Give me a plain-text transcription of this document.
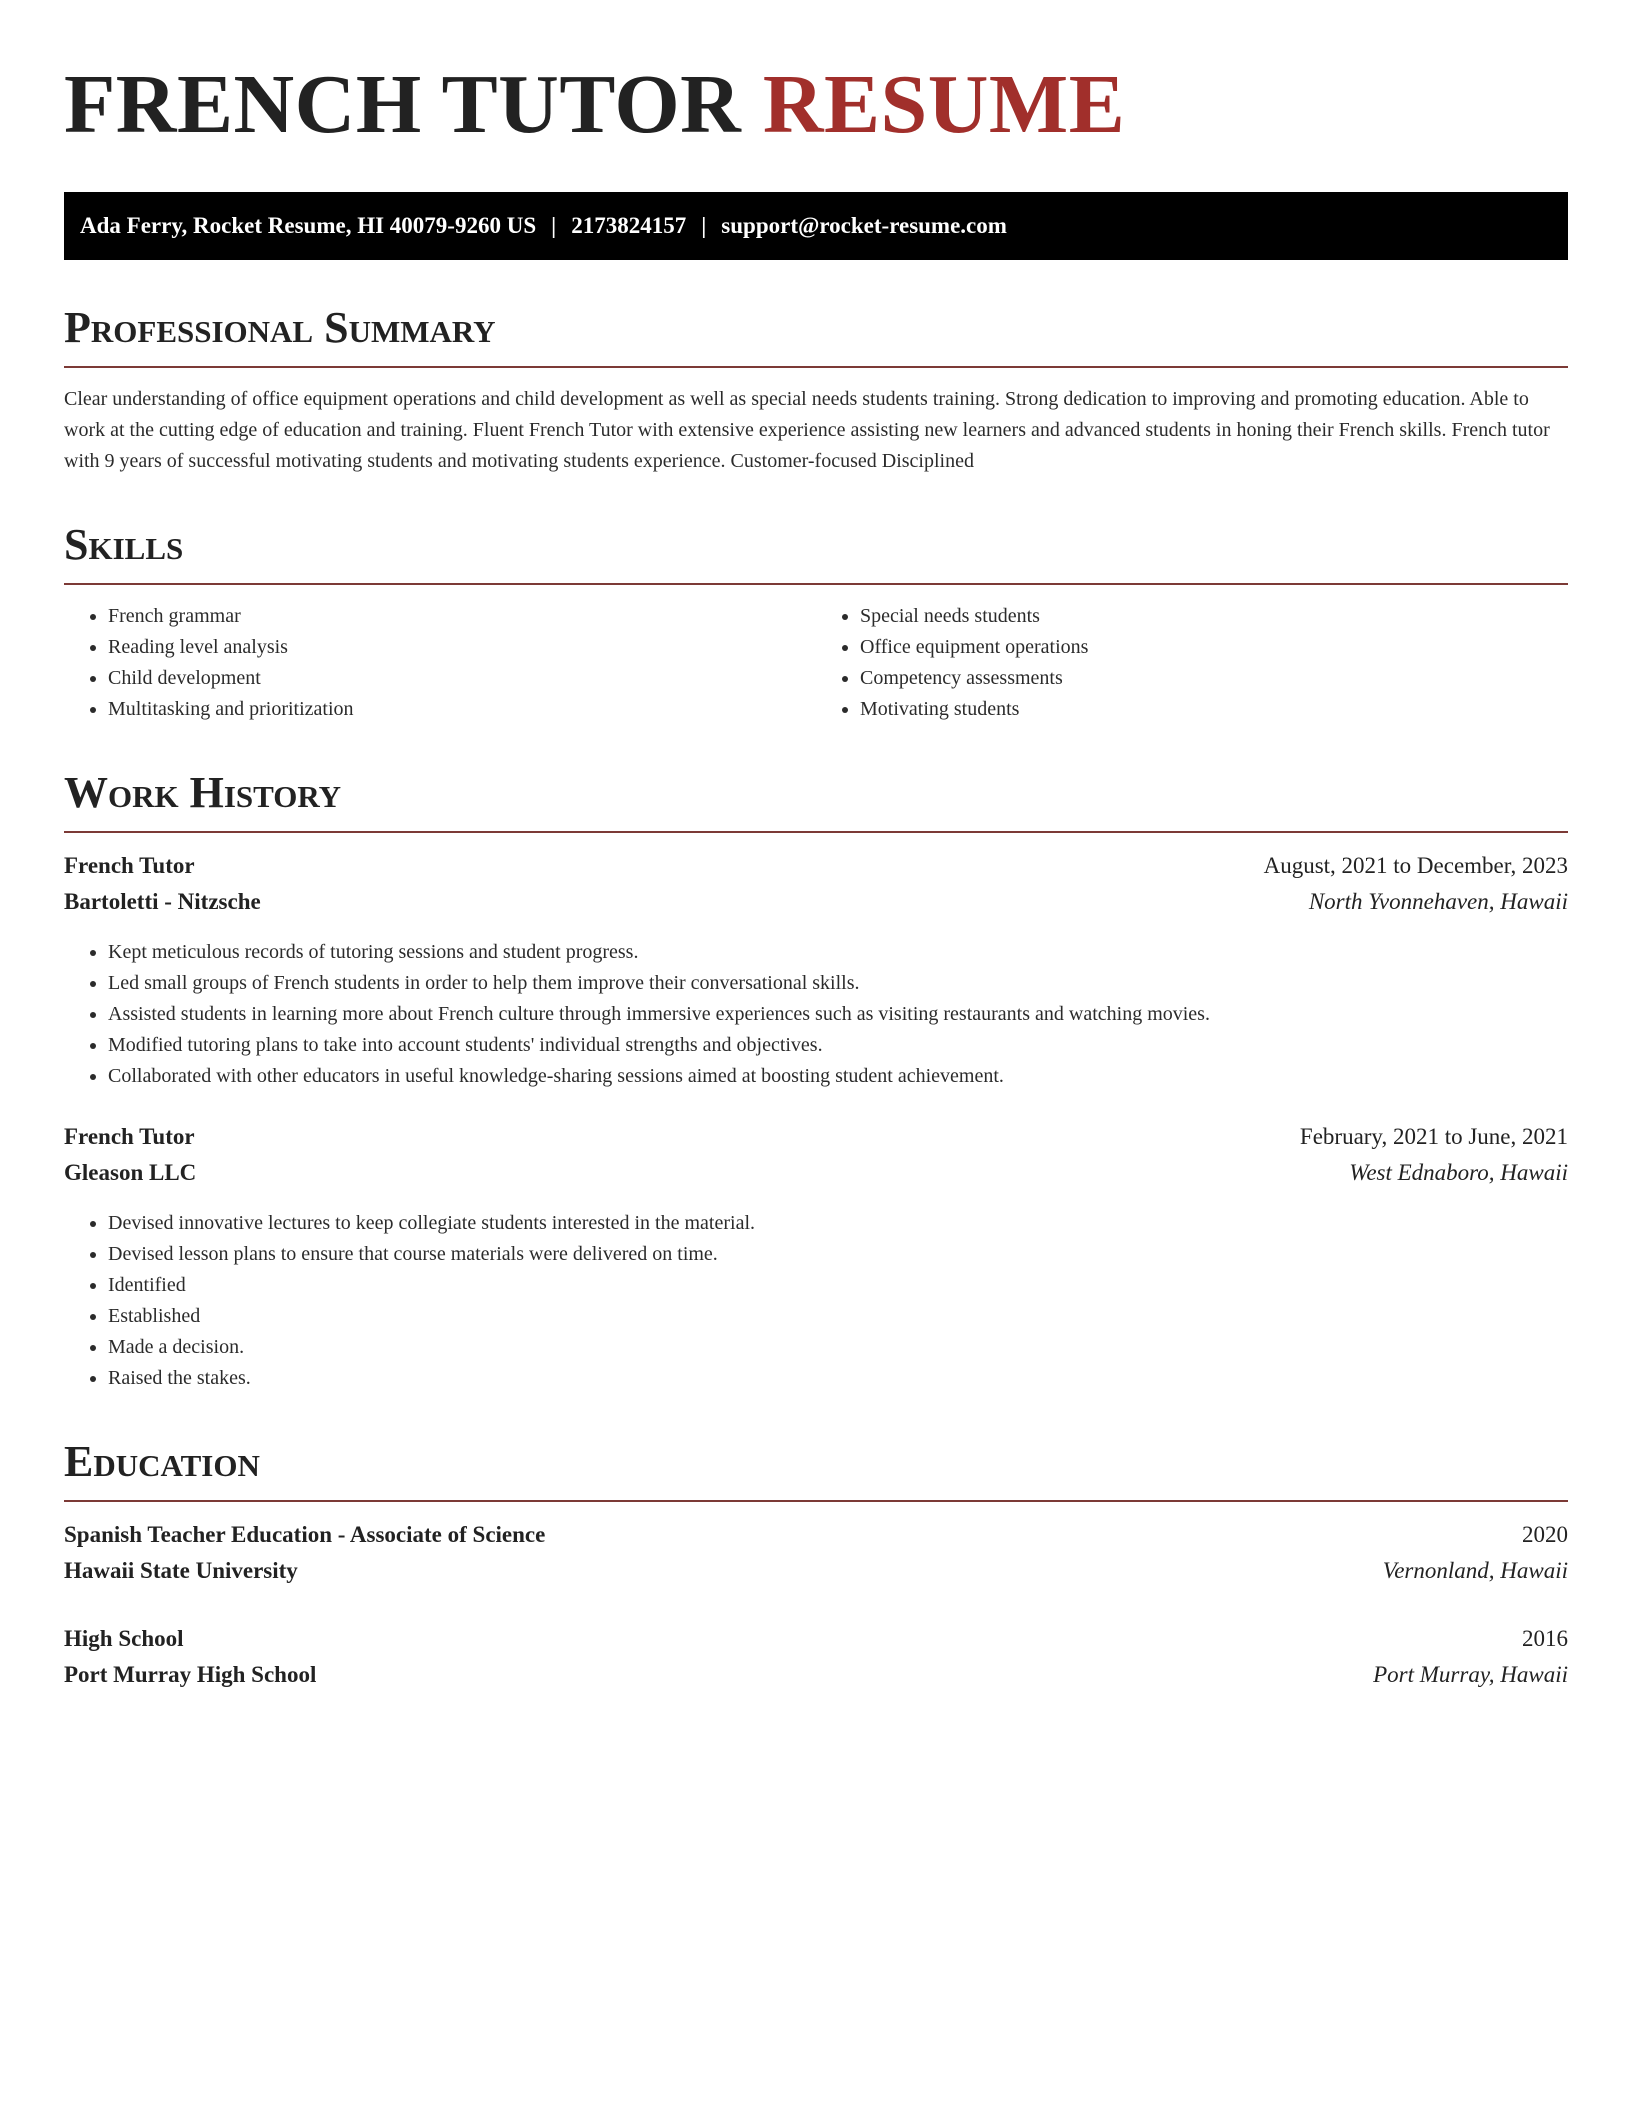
FRENCH TUTOR RESUME
Ada Ferry, Rocket Resume, HI 40079-9260 US | 2173824157 | support@rocket-resume.com
Professional Summary

Clear understanding of office equipment operations and child development as well as special needs students training. Strong dedication to improving and promoting education. Able to work at the cutting edge of education and training. Fluent French Tutor with extensive experience assisting new learners and advanced students in honing their French skills. French tutor with 9 years of successful motivating students and motivating students experience. Customer-focused Disciplined

Skills
• French grammar
• Reading level analysis
• Child development
• Multitasking and prioritization
• Special needs students
• Office equipment operations
• Competency assessments
• Motivating students
Work History
French Tutor	August, 2021 to December, 2023
Bartoletti - Nitzsche	North Yvonnehaven, Hawaii
• Kept meticulous records of tutoring sessions and student progress.
• Led small groups of French students in order to help them improve their conversational skills.
• Assisted students in learning more about French culture through immersive experiences such as visiting restaurants and watching movies.
• Modified tutoring plans to take into account students' individual strengths and objectives.
• Collaborated with other educators in useful knowledge-sharing sessions aimed at boosting student achievement.
French Tutor	February, 2021 to June, 2021
Gleason LLC	West Ednaboro, Hawaii
• Devised innovative lectures to keep collegiate students interested in the material.
• Devised lesson plans to ensure that course materials were delivered on time.
• Identified
• Established
• Made a decision.
• Raised the stakes.
Education
Spanish Teacher Education - Associate of Science	2020
Hawaii State University	Vernonland, Hawaii
High School	2016
Port Murray High School	Port Murray, Hawaii
